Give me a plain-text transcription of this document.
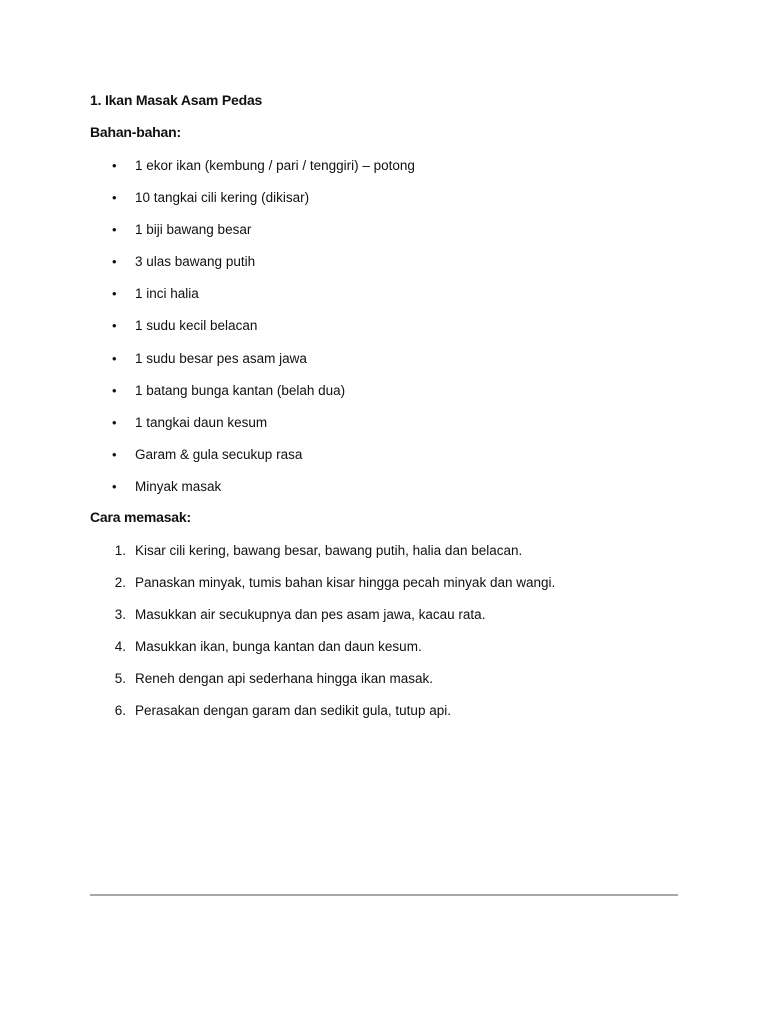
1. Ikan Masak Asam Pedas
Bahan-bahan:
•	1 ekor ikan (kembung / pari / tenggiri) – potong
•	10 tangkai cili kering (dikisar)
•	1 biji bawang besar
•	3 ulas bawang putih
•	1 inci halia
•	1 sudu kecil belacan
•	1 sudu besar pes asam jawa
•	1 batang bunga kantan (belah dua)
•	1 tangkai daun kesum
•	Garam & gula secukup rasa
•	Minyak masak
Cara memasak:
1. Kisar cili kering, bawang besar, bawang putih, halia dan belacan.
2. Panaskan minyak, tumis bahan kisar hingga pecah minyak dan wangi.
3. Masukkan air secukupnya dan pes asam jawa, kacau rata.
4. Masukkan ikan, bunga kantan dan daun kesum.
5. Reneh dengan api sederhana hingga ikan masak.
6. Perasakan dengan garam dan sedikit gula, tutup api.
